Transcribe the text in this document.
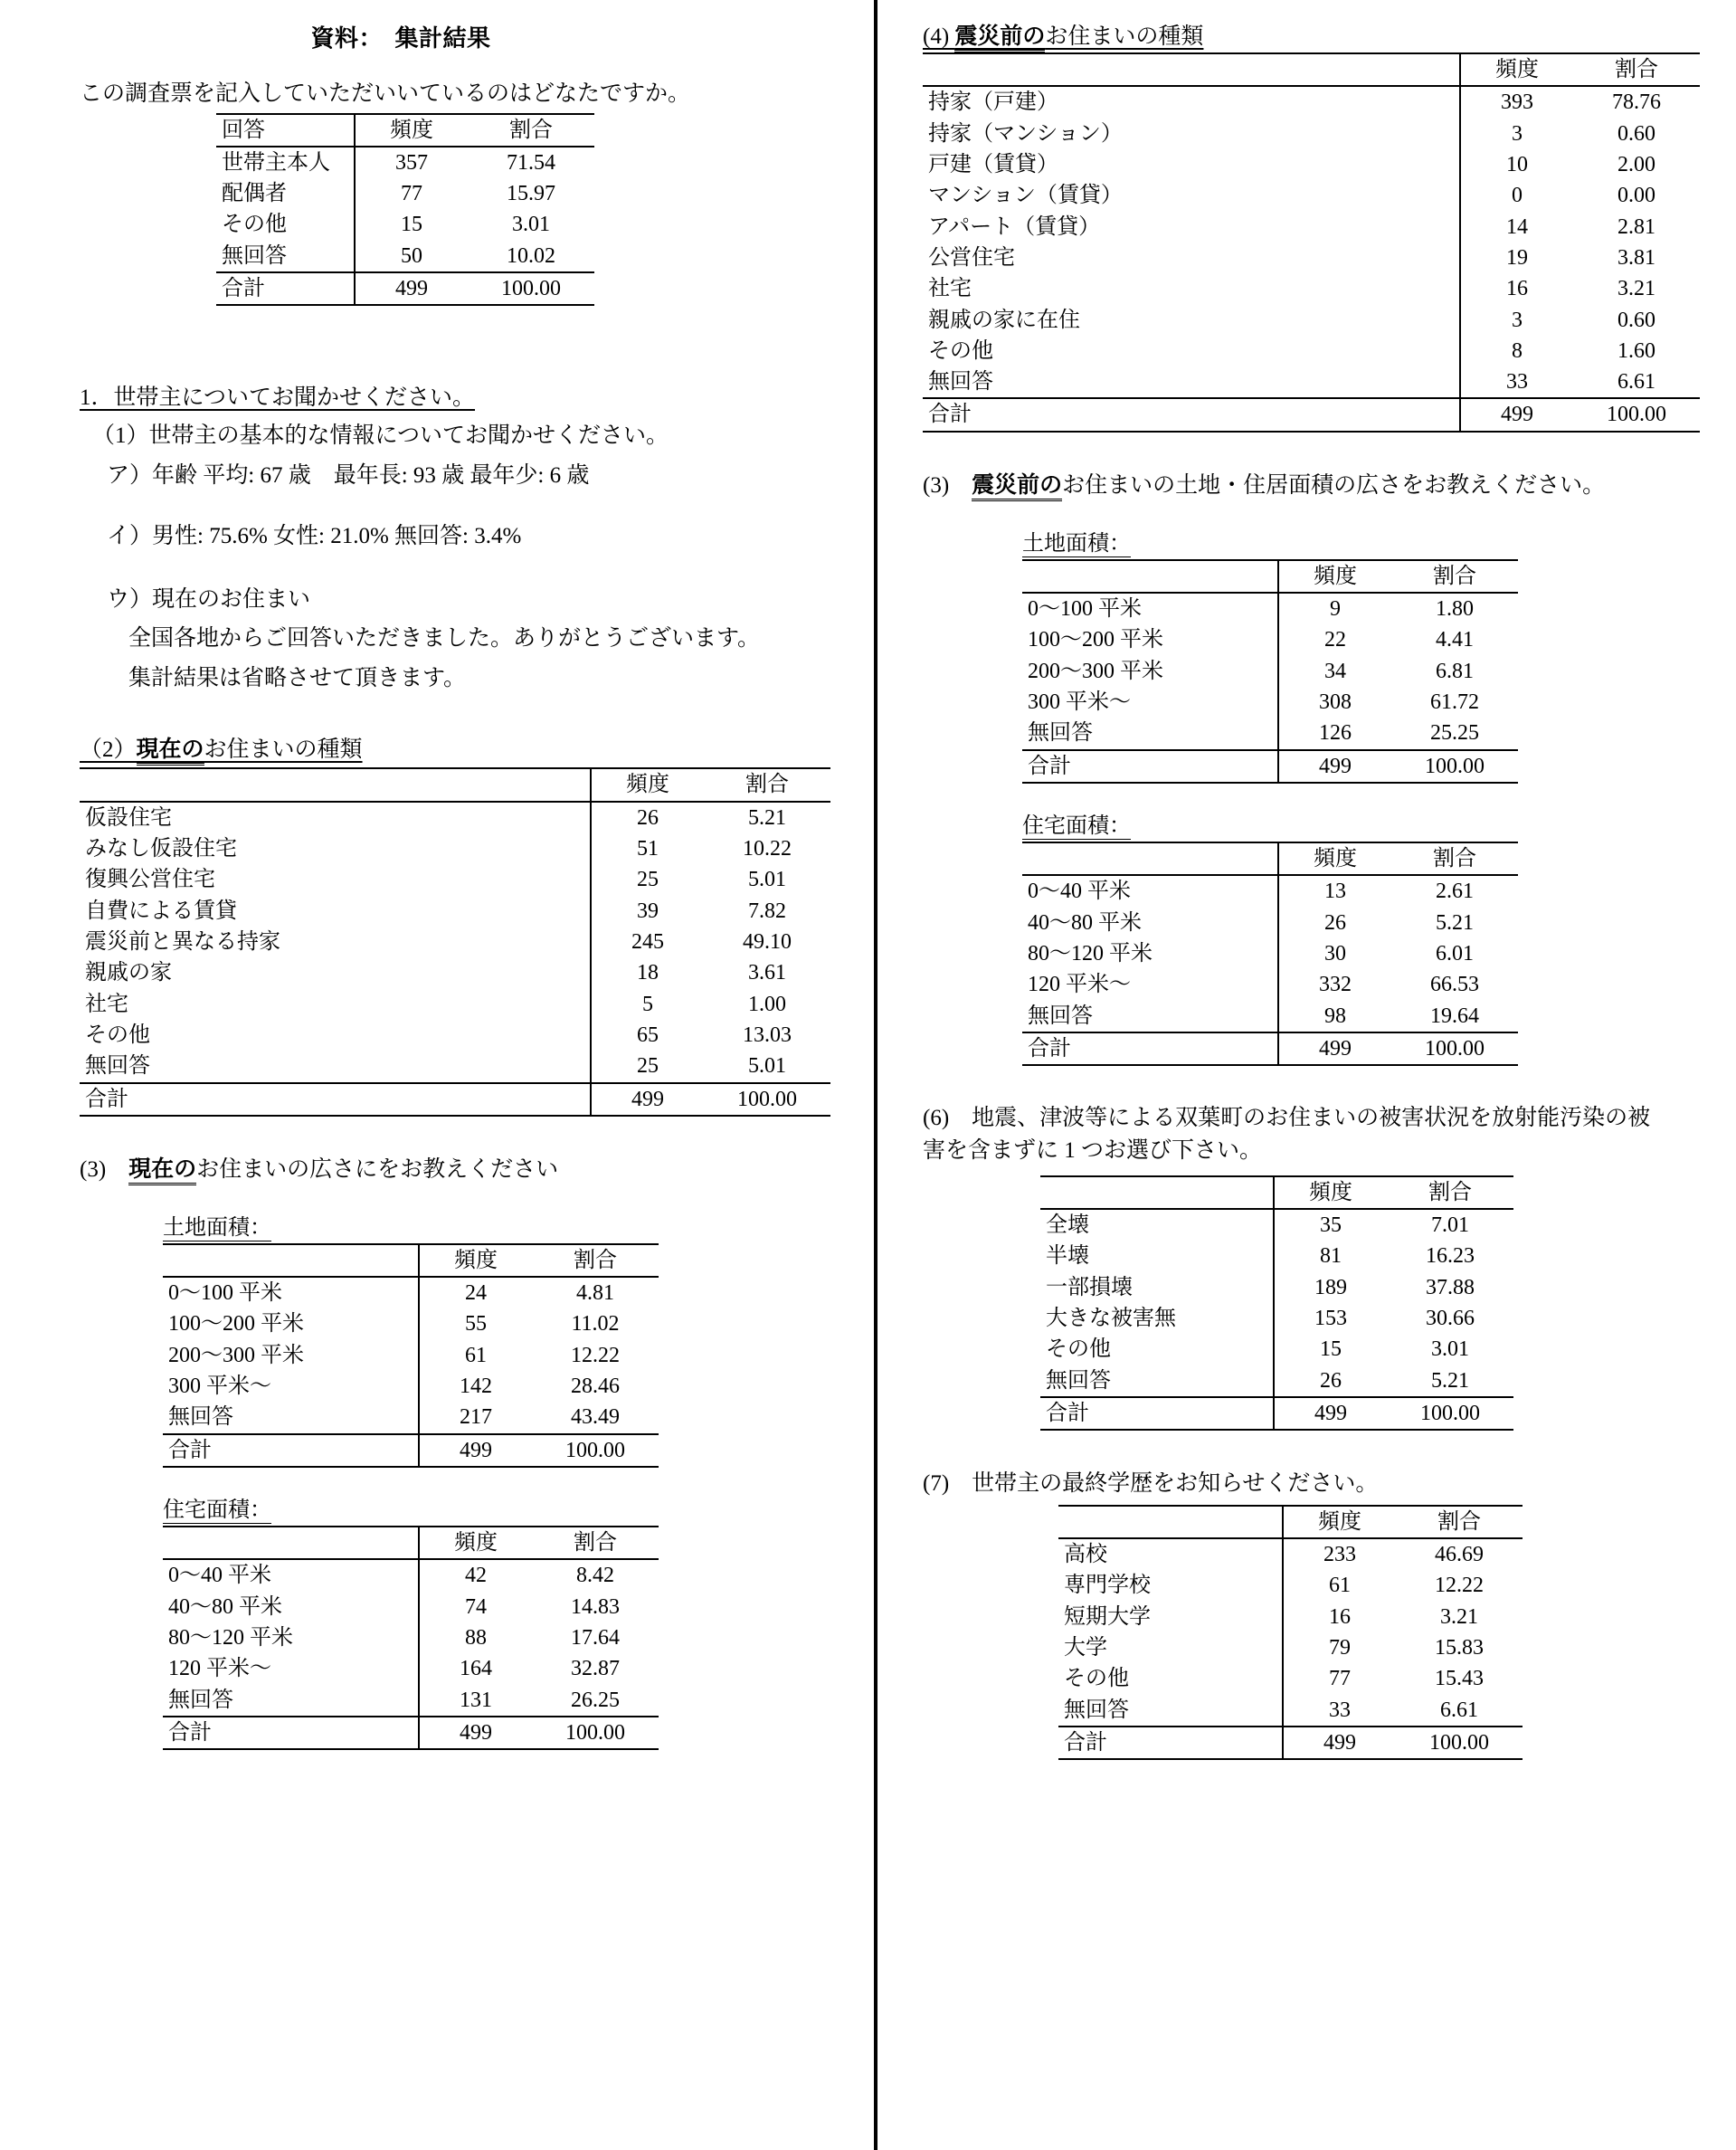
資料：　集計結果
この調査票を記入していただいいているのはどなたですか。
回答	頻度	割合
世帯主本人	357	71.54
配偶者	77	15.97
その他	15	3.01
無回答	50	10.02
合計	499	100.00
1．世帯主についてお聞かせください。
（1）世帯主の基本的な情報についてお聞かせください。
ア）年齢 平均: 67 歳　最年長: 93 歳 最年少: 6 歳
イ）男性: 75.6% 女性: 21.0% 無回答: 3.4%
ウ）現在のお住まい
全国各地からご回答いただきました。ありがとうございます。
集計結果は省略させて頂きます。
（2）現在のお住まいの種類
	頻度	割合
仮設住宅	26	5.21
みなし仮設住宅	51	10.22
復興公営住宅	25	5.01
自費による賃貸	39	7.82
震災前と異なる持家	245	49.10
親戚の家	18	3.61
社宅	5	1.00
その他	65	13.03
無回答	25	5.01
合計	499	100.00
(3)　現在のお住まいの広さにをお教えください
土地面積：
	頻度	割合
0〜100 平米	24	4.81
100〜200 平米	55	11.02
200〜300 平米	61	12.22
300 平米〜	142	28.46
無回答	217	43.49
合計	499	100.00
住宅面積：
	頻度	割合
0〜40 平米	42	8.42
40〜80 平米	74	14.83
80〜120 平米	88	17.64
120 平米〜	164	32.87
無回答	131	26.25
合計	499	100.00
(4) 震災前のお住まいの種類
	頻度	割合
持家（戸建）	393	78.76
持家（マンション）	3	0.60
戸建（賃貸）	10	2.00
マンション（賃貸）	0	0.00
アパート（賃貸）	14	2.81
公営住宅	19	3.81
社宅	16	3.21
親戚の家に在住	3	0.60
その他	8	1.60
無回答	33	6.61
合計	499	100.00
(3)　震災前のお住まいの土地・住居面積の広さをお教えください。
土地面積：
	頻度	割合
0〜100 平米	9	1.80
100〜200 平米	22	4.41
200〜300 平米	34	6.81
300 平米〜	308	61.72
無回答	126	25.25
合計	499	100.00
住宅面積：
	頻度	割合
0〜40 平米	13	2.61
40〜80 平米	26	5.21
80〜120 平米	30	6.01
120 平米〜	332	66.53
無回答	98	19.64
合計	499	100.00
(6)　地震、津波等による双葉町のお住まいの被害状況を放射能汚染の被
害を含まずに 1 つお選び下さい。
	頻度	割合
全壊	35	7.01
半壊	81	16.23
一部損壊	189	37.88
大きな被害無	153	30.66
その他	15	3.01
無回答	26	5.21
合計	499	100.00
(7)　世帯主の最終学歴をお知らせください。
	頻度	割合
高校	233	46.69
専門学校	61	12.22
短期大学	16	3.21
大学	79	15.83
その他	77	15.43
無回答	33	6.61
合計	499	100.00
